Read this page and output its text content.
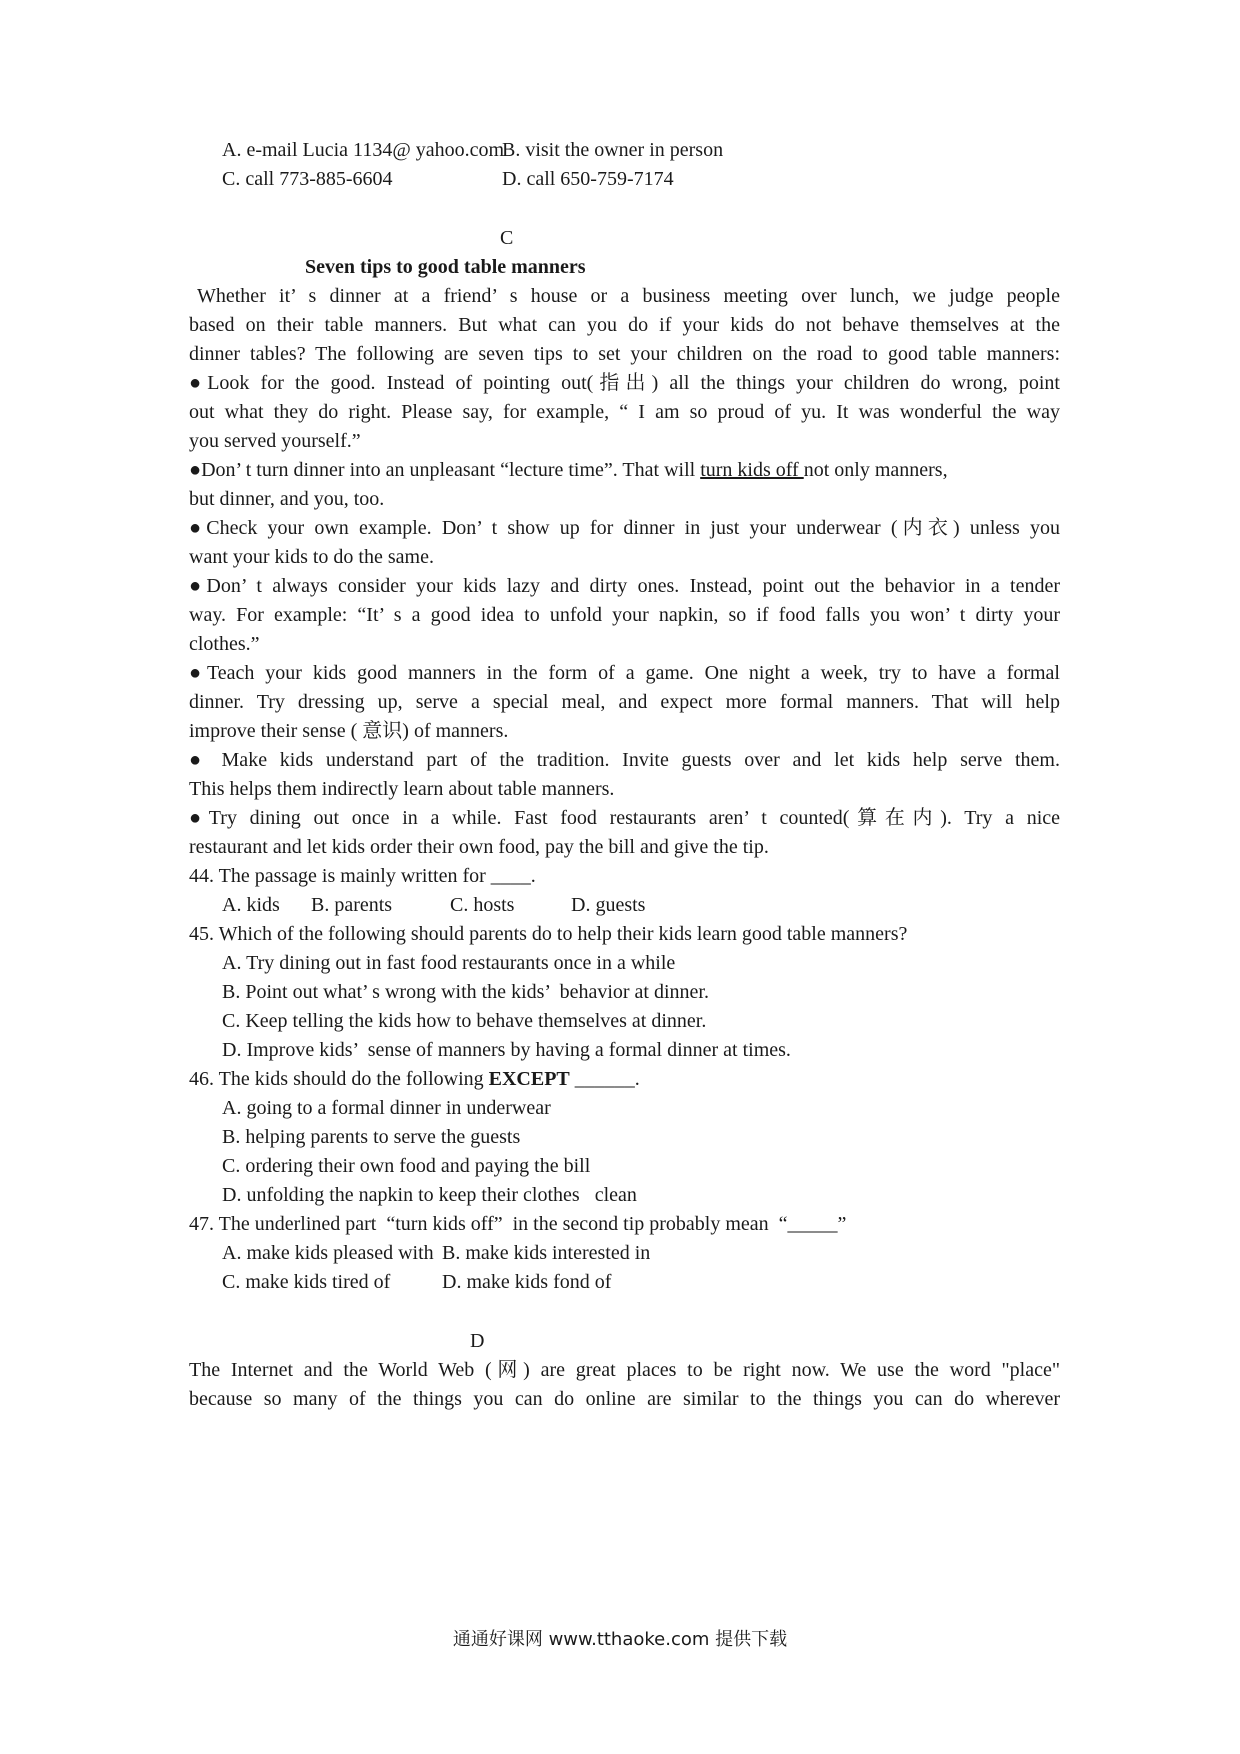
A. e-mail Lucia 1134@ yahoo.com
B. visit the owner in person
C. call 773-885-6604	D. call 650-759-7174
C
Seven tips to good table manners
Whether it’ s dinner at a friend’ s house or a business meeting over lunch, we judge people
based on their table manners. But what can you do if your kids do not behave themselves at the
dinner tables? The following are seven tips to set your children on the road to good table manners:
●Look for the good. Instead of pointing out(指出) all the things your children do wrong, point
out what they do right. Please say, for example, “ I am so proud of yu. It was wonderful the way
you served yourself.”
●Don’ t turn dinner into an unpleasant “lecture time”. That will turn kids off not only manners,
but dinner, and you, too.
●Check your own example. Don’ t show up for dinner in just your underwear (内衣) unless you
want your kids to do the same.
●Don’ t always consider your kids lazy and dirty ones. Instead, point out the behavior in a tender
way. For example: “It’ s a good idea to unfold your napkin, so if food falls you won’ t dirty your
clothes.”
●Teach your kids good manners in the form of a game. One night a week, try to have a formal
dinner. Try dressing up, serve a special meal, and expect more formal manners. That will help
improve their sense ( 意识) of manners.
● Make kids understand part of the tradition. Invite guests over and let kids help serve them.
This helps them indirectly learn about table manners.
●Try dining out once in a while. Fast food restaurants aren’ t counted(算在内). Try a nice
restaurant and let kids order their own food, pay the bill and give the tip.
44. The passage is mainly written for ____.
A. kids B. parents	C. hosts	D. guests
45. Which of the following should parents do to help their kids learn good table manners?
A. Try dining out in fast food restaurants once in a while
B. Point out what’ s wrong with the kids’  behavior at dinner.
C. Keep telling the kids how to behave themselves at dinner.
D. Improve kids’  sense of manners by having a formal dinner at times.
46. The kids should do the following EXCEPT ______.
A. going to a formal dinner in underwear
B. helping parents to serve the guests
C. ordering their own food and paying the bill
D. unfolding the napkin to keep their clothes   clean
47. The underlined part  “turn kids off”  in the second tip probably mean  “_____”
A. make kids pleased with B. make kids interested in
C. make kids tired of	D. make kids fond of
D
The Internet and the World Web (网) are great places to be right now. We use the word "place"
because so many of the things you can do online are similar to the things you can do wherever
通通好课网 www.tthaoke.com 提供下载
